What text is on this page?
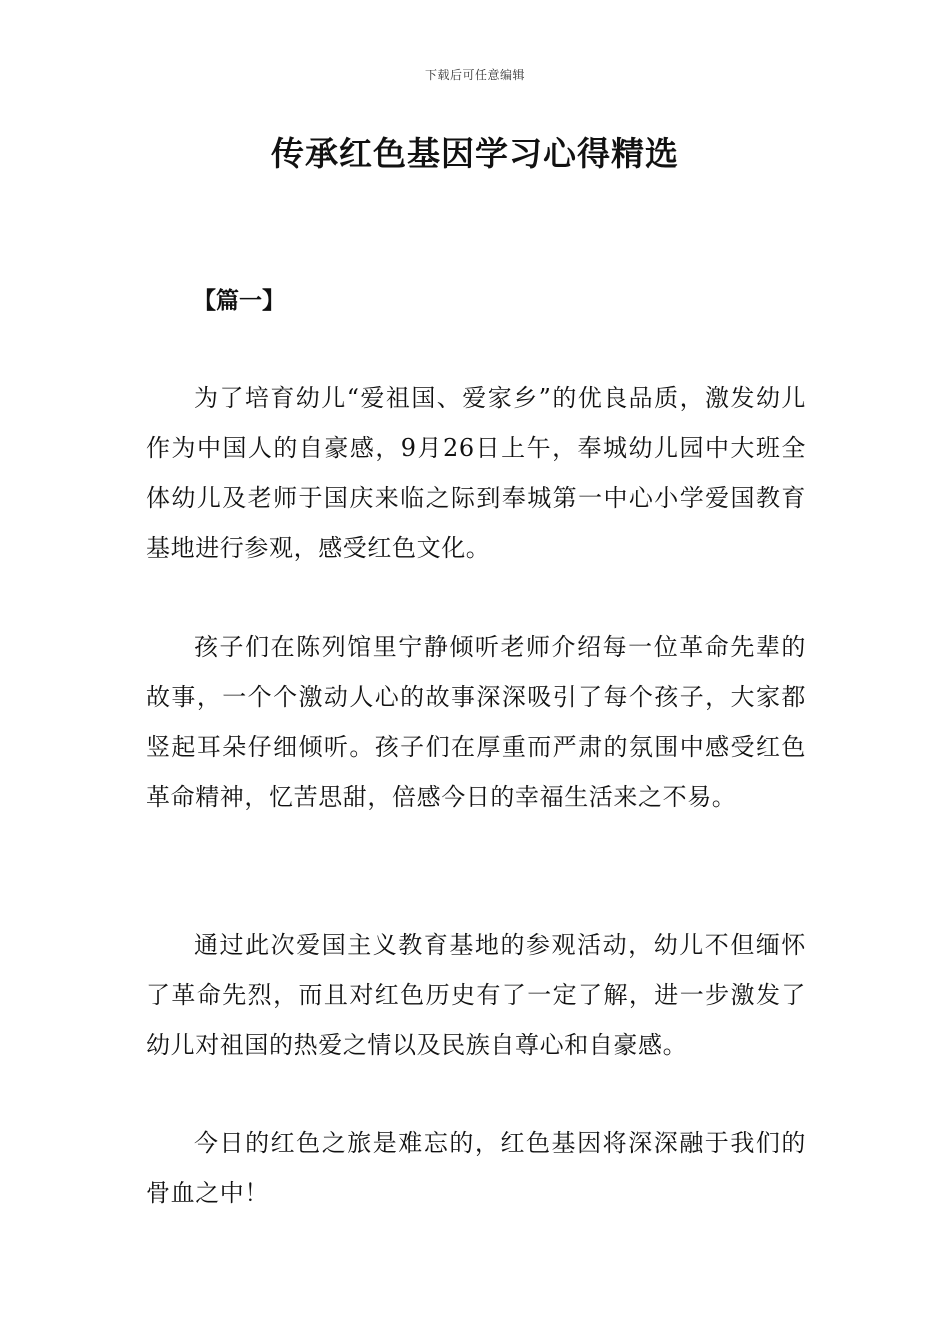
下载后可任意编辑
传承红色基因学习心得精选
【篇一】

为了培育幼儿“爱祖国、爱家乡”的优良品质，激发幼儿作为中国人的自豪感，9月26日上午，奉城幼儿园中大班全体幼儿及老师于国庆来临之际到奉城第一中心小学爱国教育基地进行参观，感受红色文化。

孩子们在陈列馆里宁静倾听老师介绍每一位革命先辈的故事，一个个激动人心的故事深深吸引了每个孩子，大家都竖起耳朵仔细倾听。孩子们在厚重而严肃的氛围中感受红色革命精神，忆苦思甜，倍感今日的幸福生活来之不易。

通过此次爱国主义教育基地的参观活动，幼儿不但缅怀了革命先烈，而且对红色历史有了一定了解，进一步激发了幼儿对祖国的热爱之情以及民族自尊心和自豪感。

今日的红色之旅是难忘的，红色基因将深深融于我们的骨血之中！
